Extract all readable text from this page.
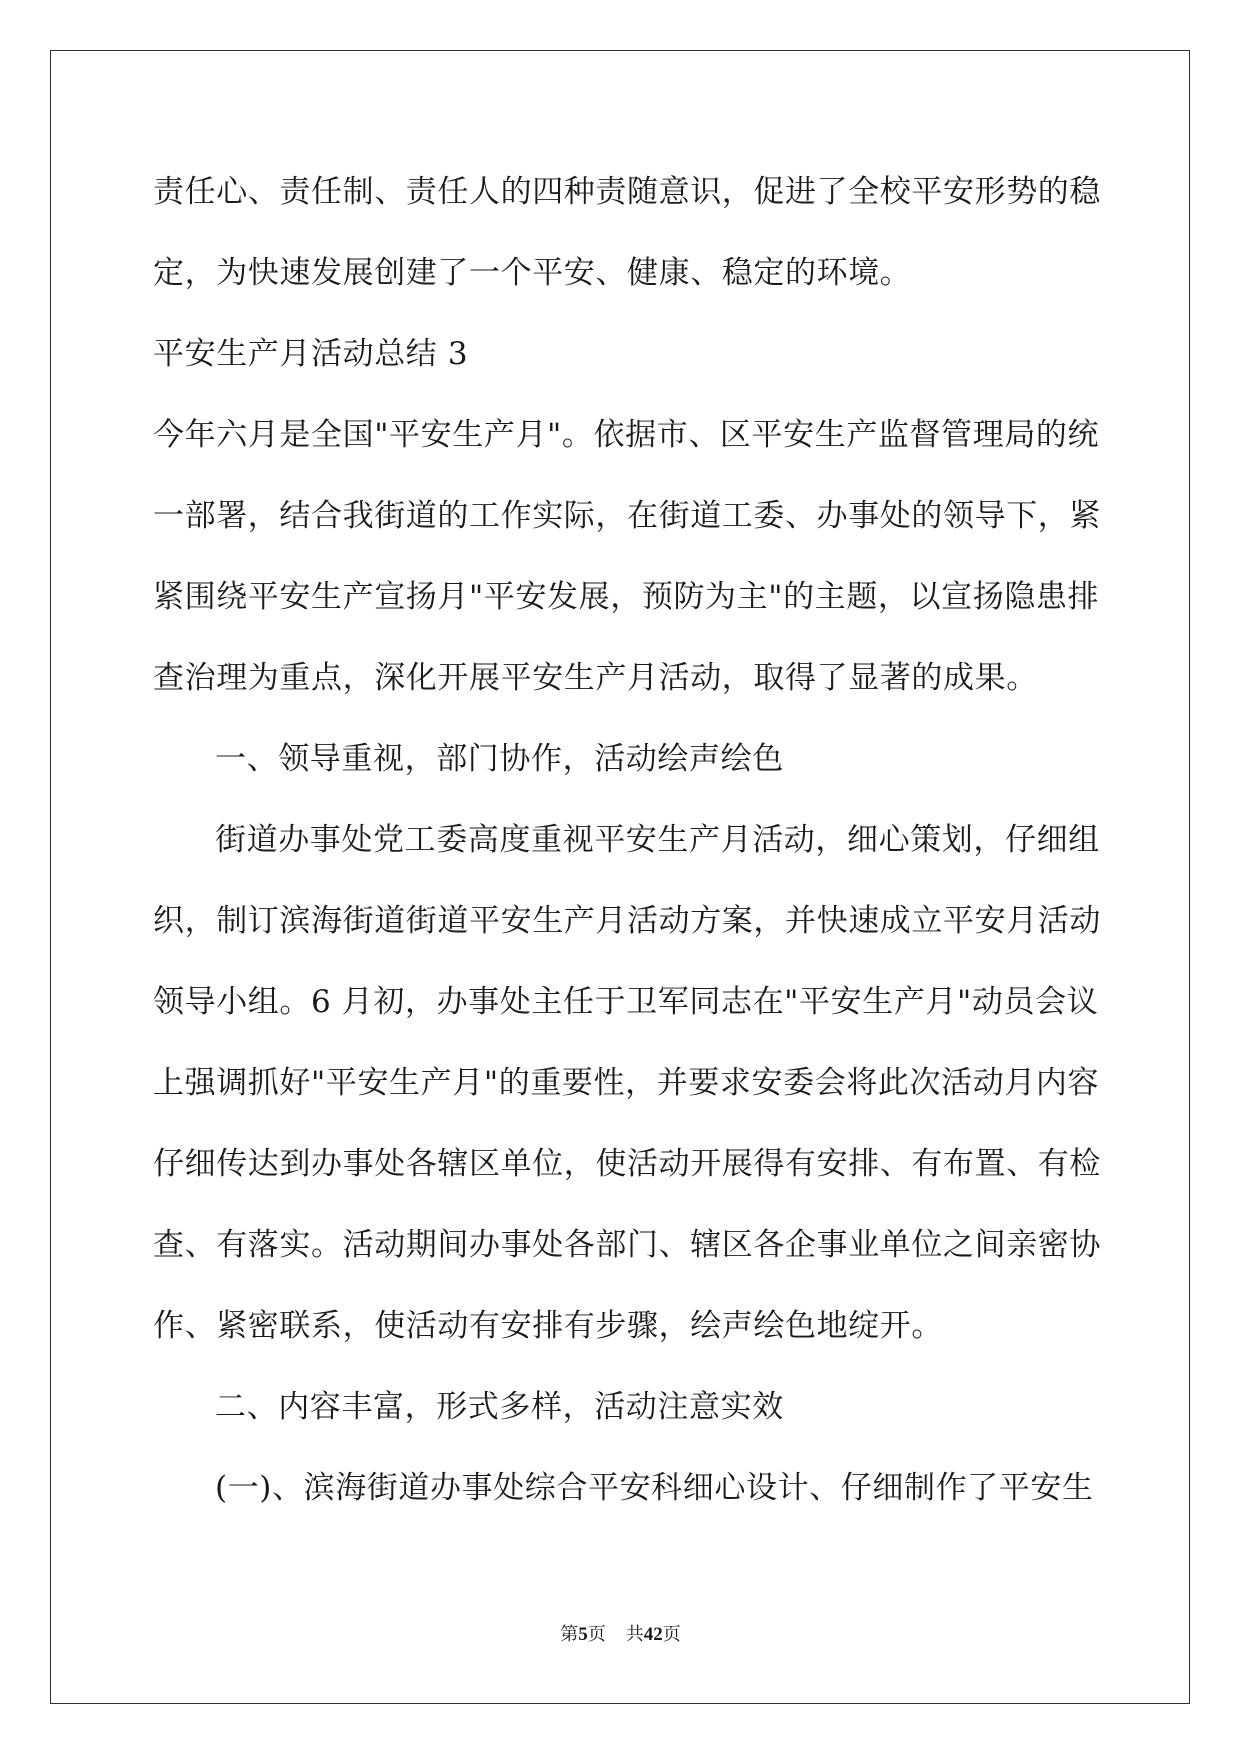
责任心、责任制、责任人的四种责随意识，促进了全校平安形势的稳
定，为快速发展创建了一个平安、健康、稳定的环境。
平安生产月活动总结 3
今年六月是全国"平安生产月"。依据市、区平安生产监督管理局的统
一部署，结合我街道的工作实际，在街道工委、办事处的领导下，紧
紧围绕平安生产宣扬月"平安发展，预防为主"的主题，以宣扬隐患排
查治理为重点，深化开展平安生产月活动，取得了显著的成果。
一、领导重视，部门协作，活动绘声绘色
街道办事处党工委高度重视平安生产月活动，细心策划，仔细组
织，制订滨海街道街道平安生产月活动方案，并快速成立平安月活动
领导小组。6 月初，办事处主任于卫军同志在"平安生产月"动员会议
上强调抓好"平安生产月"的重要性，并要求安委会将此次活动月内容
仔细传达到办事处各辖区单位，使活动开展得有安排、有布置、有检
查、有落实。活动期间办事处各部门、辖区各企事业单位之间亲密协
作、紧密联系，使活动有安排有步骤，绘声绘色地绽开。
二、内容丰富，形式多样，活动注意实效
(一)、滨海街道办事处综合平安科细心设计、仔细制作了平安生
第5页 共42页
